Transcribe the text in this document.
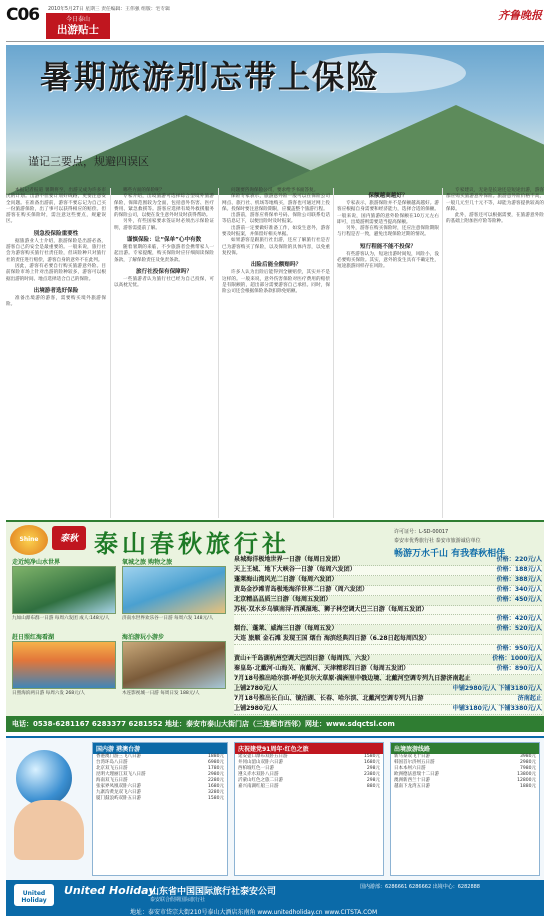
C06 2010年5月27日 星期三 责任编辑：王伟强 组版：宅专辑
今日泰山
出游贴士
齐鲁晚报
暑期旅游别忘带上保险
谨记三要点，规避四误区

本报记者报道 暑期将至，出游又成为许多市民的计划。出游不但要计划好线路，更要注意安全问题。在准备出游前，游客不要忘记为自己买一份旅游保险，出了事可以获得相应的赔偿。但游客在购买保险时，需注意这些要点，规避误区。

别急投保险重要性

据旅游业人士介绍，旅游保险是出游必备，游客自己的安全是最重要的。一般来说，旅行社会为游客购买旅行社责任险，但该险种只对旅行社的责任进行赔偿，游客自身的意外不在此列。

因此，游客有必要自行购买旅游意外险。目前保险市场上针对出游的险种较多，游客可以根据出游的时间、地点选择适合自己的保险。

出境游者选好保险

准备出境游的游客，需要购买境外旅游保险。

哪些方面的保险呢？

专家介绍，出境旅游可选择综合型境外旅游保险，保障范围较为全面，包括意外伤害、医疗费用、紧急救援等。游客应选择有境外救援服务的保险公司，以便在发生意外时及时获得帮助。

另外，有些国家要求签证时必须出示保险证明，游客需提前了解。

谨慎保险：让“保单”心中有数

随着暑期的来临，不少旅游者会携带家人一起出游。专家提醒，购买保险时应仔细阅读保险条款，了解保险责任及免责条款。

旅行社投保有保障吗？

一些旅游者认为旅行社已经为自己投保，可以高枕无忧。

问题要咨询保险公司，要求给予书面答复。

保险专家表示，旅游意外险一般可以在保险公司网点、旅行社、机场等地购买，游客也可通过网上投保。投保时要注意保险期限，应覆盖整个旅游行程。

出游前，游客应将保单号码、保险公司联系电话等信息记下，以便出险时及时报案。

出游前一定要做好准备工作，如发生意外，游客要及时报案，并保留好相关单据。

如果游客是跟旅行社出游，还应了解旅行社是否已为游客购买了保险，以及保险的具体内容，以免重复投保。

出险后能全额赔吗？

许多人认为出险后能得到全额赔偿，其实并不是这样的。一般来说，意外伤害保险对医疗费用的赔偿是有限额的，超出部分需要游客自己承担。同时，保险公司还会根据保险条款扣除免赔额。

保额越高越好？

专家表示，旅游保险并不是保额越高越好。游客应根据自身需要和经济能力，选择合适的保额。一般来说，国内旅游的意外险保额在10万元左右即可，出境游则需要适当提高保额。

另外，游客在购买保险时，还应注意保险期限与行程是否一致，避免出现保险过期的情况。

短行程能不能不投保？

有些游客认为，短途出游时间短，风险小，没必要购买保险。其实，意外的发生具有不确定性，短途旅游同样存在风险。

专家建议，无论是长途还是短途出游，游客都应购买旅游意外保险。旅游意外险价格不高，一般几元至几十元不等，却能为游客提供较高的保障。

此外，游客还可以根据需要，在旅游意外险的基础上附加医疗险等险种。

Shine	泰秋 泰山春秋旅行社	许可证号：L-SD-00017
泰安市优秀旅行社 泰安市旅游诚信单位
畅游万水千山 有我春秋相伴
走近纯净山水世界
九如山瀑布群一日游 每周六发团 成人:148元/人
氧城之旅 购物之旅
济南水世界欢乐谷一日游 每周六发 148元/人
赶日照红海看湖
日照海滨两日游 每周六发 268元/人
海泊游玩小游步
木连影视城一日游 每周日发 188元/人
泉城海洋极地世界一日游（每周日发团）	价格：220元/人
天上王城、地下大峡谷一日游（每周六发团）	价格：188元/人
蓬莱海山湾风光二日游（每周六发团）	价格：388元/人
黄岛金沙滩青岛极地海洋世界二日游（周六发团）	价格：340元/人
北京精品品质三日游（每周五发团）	价格：450元/人
苏杭·双水乡乌镇南浔·西溪湿地、狮子林空调大巴三日游（每周五发团）
价格：420元/人
烟台、蓬莱、威海三日游（每周五发）	价格：520元/人
大连 旅顺 金石滩 发现王国 烟台 海滨经典四日游（6.28日起每周四发）
价格：950元/人
黄山+千岛湖杭州空调大巴四日游（每周四、六发）	价格：1000元/人
秦皇岛·北戴河·山海关、南戴河、天津精彩四日游（每周五发团）	价格：890元/人
7月18号推出哈尔滨·呼伦贝尔大草原·满洲里中俄边境、北戴河空调专列九日游济南起止
上铺2780元/人	中铺2980元/人 下铺3180元/人
7月18号推出长白山、镜泊湖、长春、哈尔滨、北戴河空调专列九日游	济南起止
上铺2980元/人	中铺3180元/人 下铺3380元/人
电话：0538-6281167 6283377 6281552 地址：泰安市泰山大街门店（三连超市西邻）网址：www.sdqctsl.com
国内游 港澳台游
香港澳门游三飞八日游	1880元
台湾环岛八日游	6980元
北京双飞五日游	1780元
昆明大理丽江双飞八日游	2980元
海南双飞五日游	2280元
张家界凤凰双卧六日游	1680元
九寨沟黄龙双飞六日游	3280元
厦门鼓浪屿双卧五日游	1580元
庆祝建党91周年·红色之旅
延安壶口瀑布双卧五日游	1580元
井冈山韶山双卧六日游	1680元
西柏坡红色一日游	298元
遵义赤水双卧八日游	2380元
沂蒙山红色之旅二日游	298元
嘉兴南湖红船三日游	880元
出境旅游线路
新马泰双飞十日游	3980元
韩国首尔济州五日游	2980元
日本本州六日游	7980元
欧洲德法意瑞十二日游	13800元
澳洲新西兰十日游	12800元
越南下龙湾五日游	1880元
United Holiday
United Holiday
山东省中国国际旅行社泰安公司
泰安联合假期国际旅行社
国内游部：6286661 6286662 出境中心：6282888
地址：泰安市岱宗大街210号泰山大酒店东南角 www.unitedholiday.cn www.CITSTA.COM
